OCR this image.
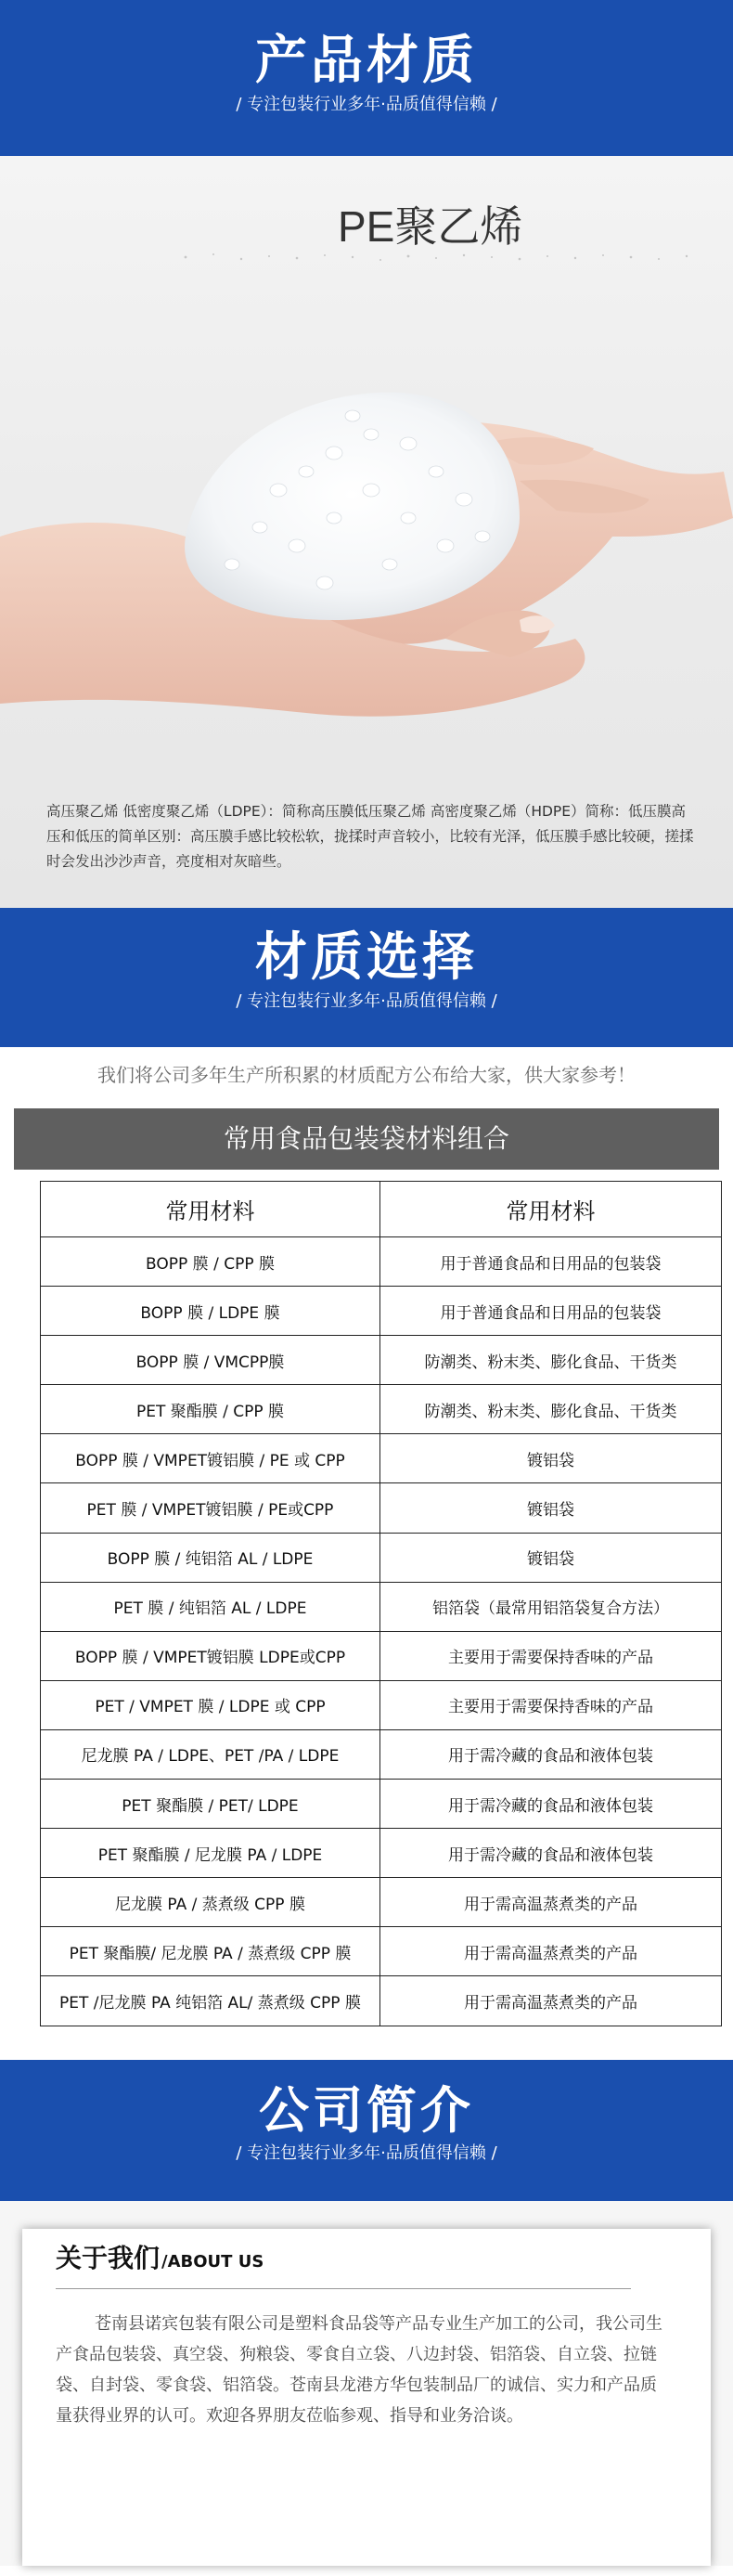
产品材质
/ 专注包装行业多年·品质值得信赖 /
PE聚乙烯
高压聚乙烯 低密度聚乙烯（LDPE）：简称高压膜低压聚乙烯 高密度聚乙烯（HDPE）简称：低压膜高压和低压的简单区别：高压膜手感比较松软，拢揉时声音较小，比较有光泽，低压膜手感比较硬，搓揉时会发出沙沙声音，亮度相对灰暗些。
材质选择
/ 专注包装行业多年·品质值得信赖 /
我们将公司多年生产所积累的材质配方公布给大家，供大家参考！
常用食品包装袋材料组合
常用材料	常用材料
BOPP 膜 / CPP 膜	用于普通食品和日用品的包装袋
BOPP 膜 / LDPE 膜	用于普通食品和日用品的包装袋
BOPP 膜 / VMCPP膜	防潮类、粉末类、膨化食品、干货类
PET 聚酯膜 / CPP 膜	防潮类、粉末类、膨化食品、干货类
BOPP 膜 / VMPET镀铝膜 / PE 或 CPP	镀铝袋
PET 膜 / VMPET镀铝膜 / PE或CPP	镀铝袋
BOPP 膜 / 纯铝箔 AL / LDPE	镀铝袋
PET 膜 / 纯铝箔 AL / LDPE	铝箔袋（最常用铝箔袋复合方法）
BOPP 膜 / VMPET镀铝膜 LDPE或CPP	主要用于需要保持香味的产品
PET / VMPET 膜 / LDPE 或 CPP	主要用于需要保持香味的产品
尼龙膜 PA / LDPE、PET /PA / LDPE	用于需冷藏的食品和液体包装
PET 聚酯膜 / PET/ LDPE	用于需冷藏的食品和液体包装
PET 聚酯膜 / 尼龙膜 PA / LDPE	用于需冷藏的食品和液体包装
尼龙膜 PA / 蒸煮级 CPP 膜	用于需高温蒸煮类的产品
PET 聚酯膜/ 尼龙膜 PA / 蒸煮级 CPP 膜	用于需高温蒸煮类的产品
PET /尼龙膜 PA 纯铝箔 AL/ 蒸煮级 CPP 膜	用于需高温蒸煮类的产品
公司简介
/ 专注包装行业多年·品质值得信赖 /
关于我们 /ABOUT US
苍南县诺宾包装有限公司是塑料食品袋等产品专业生产加工的公司，我公司生产食品包装袋、真空袋、狗粮袋、零食自立袋、八边封袋、铝箔袋、自立袋、拉链袋、自封袋、零食袋、铝箔袋。苍南县龙港方华包装制品厂的诚信、实力和产品质量获得业界的认可。欢迎各界朋友莅临参观、指导和业务洽谈。
